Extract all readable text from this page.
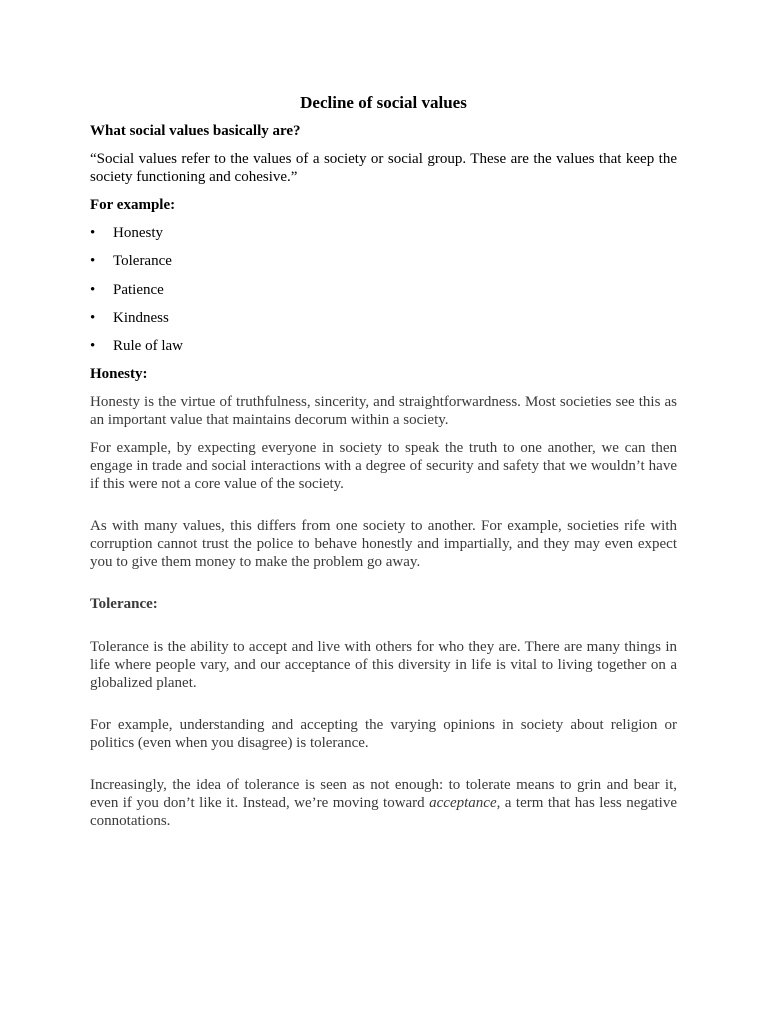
Decline of social values
What social values basically are?
“Social values refer to the values of a society or social group. These are the values that keep the society functioning and cohesive.”
For example:
•	Honesty
•	Tolerance
•	Patience
•	Kindness
•	Rule of law
Honesty:
Honesty is the virtue of truthfulness, sincerity, and straightforwardness. Most societies see this as an important value that maintains decorum within a society.
For example, by expecting everyone in society to speak the truth to one another, we can then engage in trade and social interactions with a degree of security and safety that we wouldn’t have if this were not a core value of the society.
As with many values, this differs from one society to another. For example, societies rife with corruption cannot trust the police to behave honestly and impartially, and they may even expect you to give them money to make the problem go away.
Tolerance:
Tolerance is the ability to accept and live with others for who they are. There are many things in life where people vary, and our acceptance of this diversity in life is vital to living together on a globalized planet.
For example, understanding and accepting the varying opinions in society about religion or politics (even when you disagree) is tolerance.
Increasingly, the idea of tolerance is seen as not enough: to tolerate means to grin and bear it, even if you don’t like it. Instead, we’re moving toward acceptance, a term that has less negative connotations.
